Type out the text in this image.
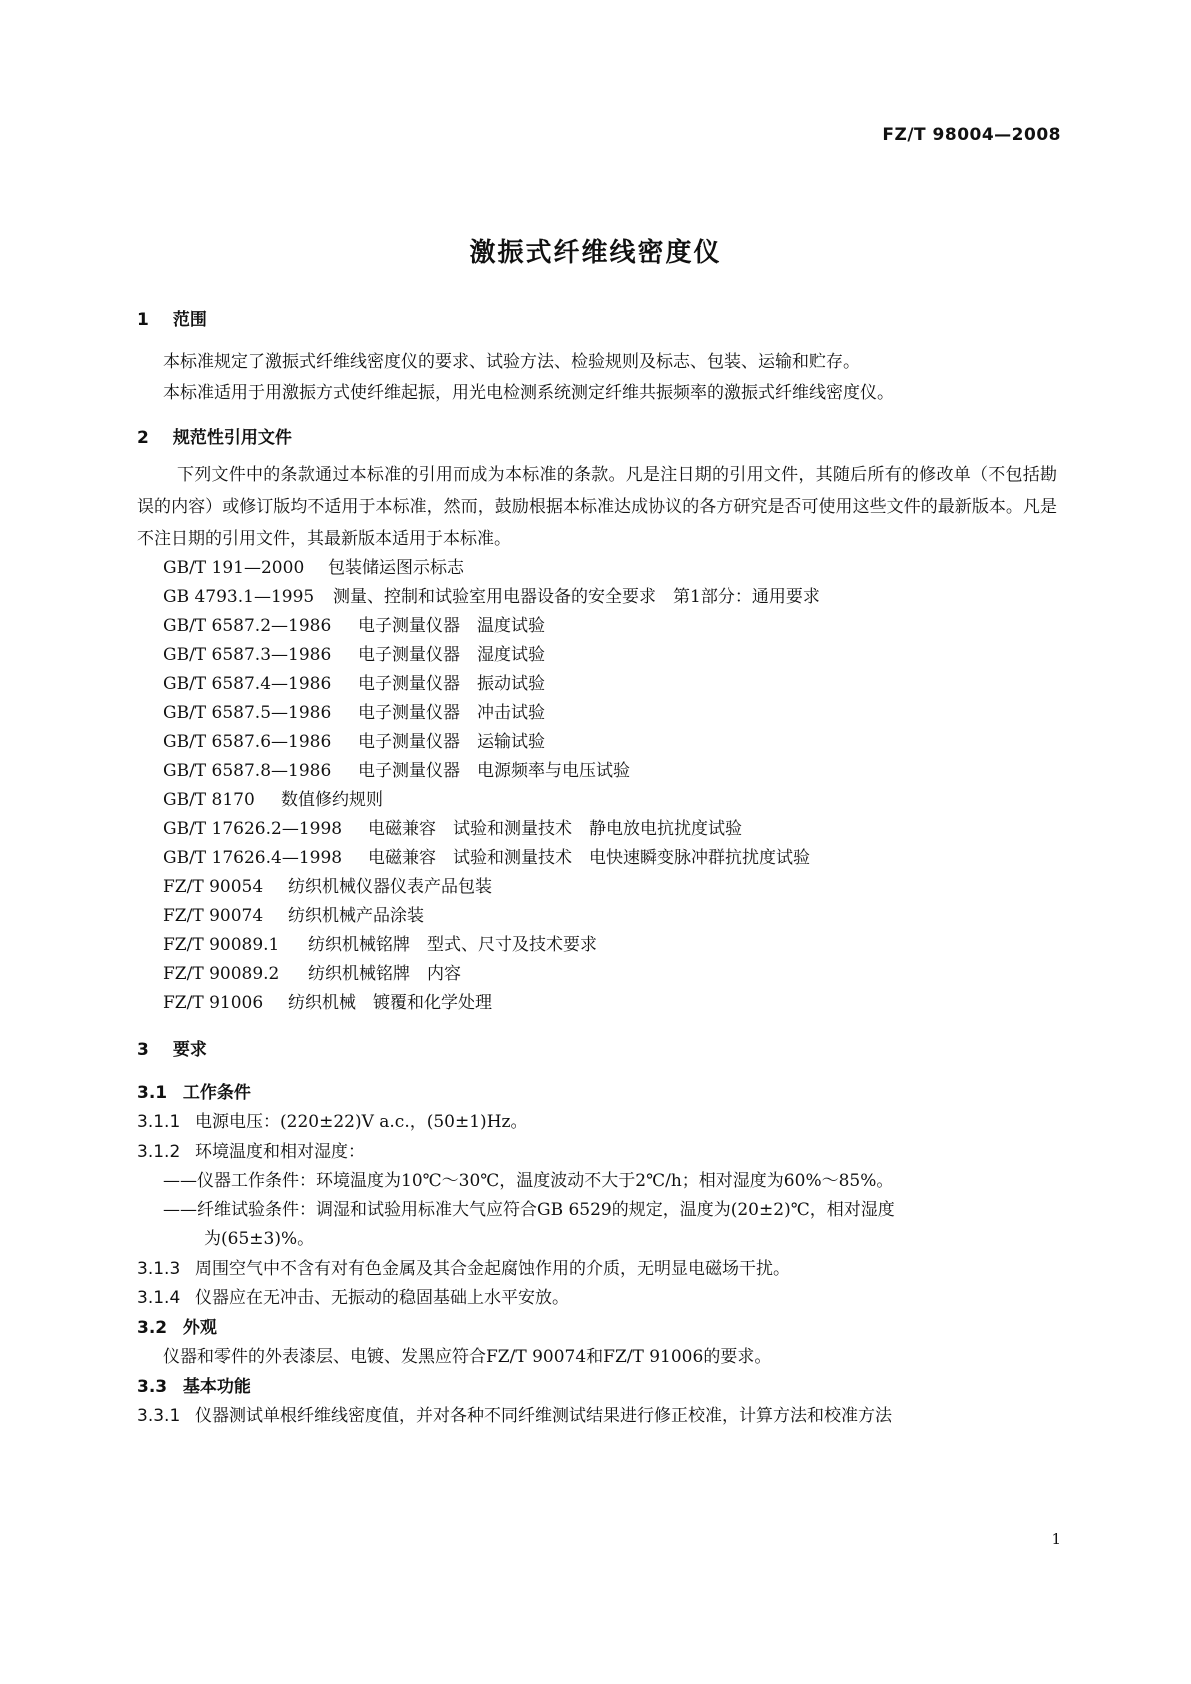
FZ/T 98004—2008
激振式纤维线密度仪
1 范围
本标准规定了激振式纤维线密度仪的要求、试验方法、检验规则及标志、包装、运输和贮存。
本标准适用于用激振方式使纤维起振，用光电检测系统测定纤维共振频率的激振式纤维线密度仪。
2 规范性引用文件
下列文件中的条款通过本标准的引用而成为本标准的条款。凡是注日期的引用文件，其随后所有的修改单（不包括勘误的内容）或修订版均不适用于本标准，然而，鼓励根据本标准达成协议的各方研究是否可使用这些文件的最新版本。凡是不注日期的引用文件，其最新版本适用于本标准。
GB/T 191—2000 包装储运图示标志
GB 4793.1—1995 测量、控制和试验室用电器设备的安全要求　第1部分：通用要求
GB/T 6587.2—1986 电子测量仪器　温度试验
GB/T 6587.3—1986 电子测量仪器　湿度试验
GB/T 6587.4—1986 电子测量仪器　振动试验
GB/T 6587.5—1986 电子测量仪器　冲击试验
GB/T 6587.6—1986 电子测量仪器　运输试验
GB/T 6587.8—1986 电子测量仪器　电源频率与电压试验
GB/T 8170 数值修约规则
GB/T 17626.2—1998 电磁兼容　试验和测量技术　静电放电抗扰度试验
GB/T 17626.4—1998 电磁兼容　试验和测量技术　电快速瞬变脉冲群抗扰度试验
FZ/T 90054 纺织机械仪器仪表产品包装
FZ/T 90074 纺织机械产品涂装
FZ/T 90089.1 纺织机械铭牌　型式、尺寸及技术要求
FZ/T 90089.2 纺织机械铭牌　内容
FZ/T 91006 纺织机械　镀覆和化学处理
3 要求
3.1 工作条件
3.1.1 电源电压：(220±22)V a.c.，(50±1)Hz。
3.1.2 环境温度和相对湿度：
——仪器工作条件：环境温度为10℃～30℃，温度波动不大于2℃/h；相对湿度为60%～85%。
——纤维试验条件：调湿和试验用标准大气应符合GB 6529的规定，温度为(20±2)℃，相对湿度
为(65±3)%。
3.1.3 周围空气中不含有对有色金属及其合金起腐蚀作用的介质，无明显电磁场干扰。
3.1.4 仪器应在无冲击、无振动的稳固基础上水平安放。
3.2 外观
仪器和零件的外表漆层、电镀、发黑应符合FZ/T 90074和FZ/T 91006的要求。
3.3 基本功能
3.3.1 仪器测试单根纤维线密度值，并对各种不同纤维测试结果进行修正校准，计算方法和校准方法
1
